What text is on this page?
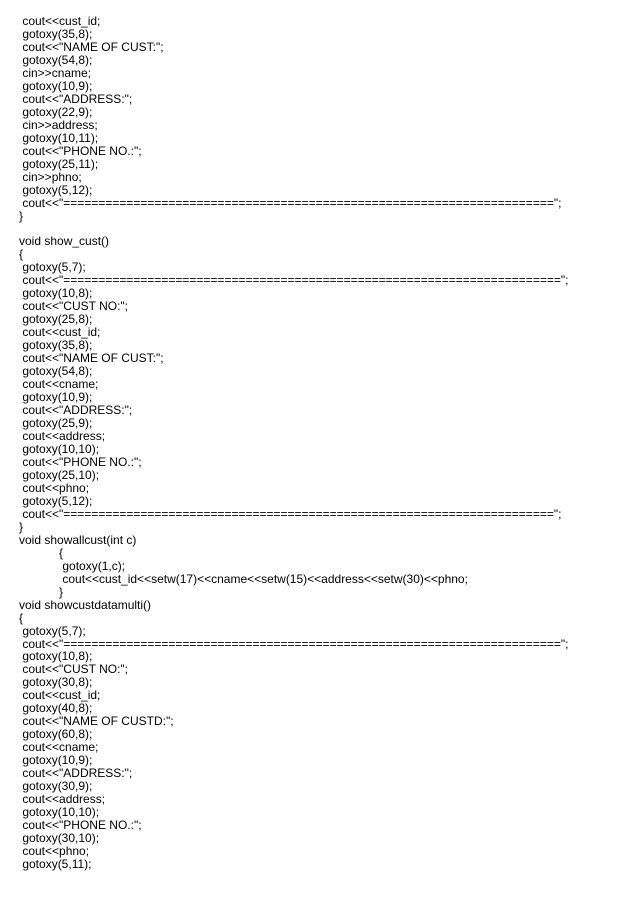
cout<<cust_id;
gotoxy(35,8);
cout<<"NAME OF CUST:";
gotoxy(54,8);
cin>>cname;
gotoxy(10,9);
cout<<"ADDRESS:";
gotoxy(22,9);
cin>>address;
gotoxy(10,11);
cout<<"PHONE NO.:";
gotoxy(25,11);
cin>>phno;
gotoxy(5,12);
cout<<"======================================================================";
}
void show_cust()
{
gotoxy(5,7);
cout<<"=======================================================================";
gotoxy(10,8);
cout<<"CUST NO:";
gotoxy(25,8);
cout<<cust_id;
gotoxy(35,8);
cout<<"NAME OF CUST:";
gotoxy(54,8);
cout<<cname;
gotoxy(10,9);
cout<<"ADDRESS:";
gotoxy(25,9);
cout<<address;
gotoxy(10,10);
cout<<"PHONE NO.:";
gotoxy(25,10);
cout<<phno;
gotoxy(5,12);
cout<<"======================================================================";
}
void showallcust(int c)
{
gotoxy(1,c);
cout<<cust_id<<setw(17)<<cname<<setw(15)<<address<<setw(30)<<phno;
}
void showcustdatamulti()
{
gotoxy(5,7);
cout<<"=======================================================================";
gotoxy(10,8);
cout<<"CUST NO:";
gotoxy(30,8);
cout<<cust_id;
gotoxy(40,8);
cout<<"NAME OF CUSTD:";
gotoxy(60,8);
cout<<cname;
gotoxy(10,9);
cout<<"ADDRESS:";
gotoxy(30,9);
cout<<address;
gotoxy(10,10);
cout<<"PHONE NO.:";
gotoxy(30,10);
cout<<phno;
gotoxy(5,11);
